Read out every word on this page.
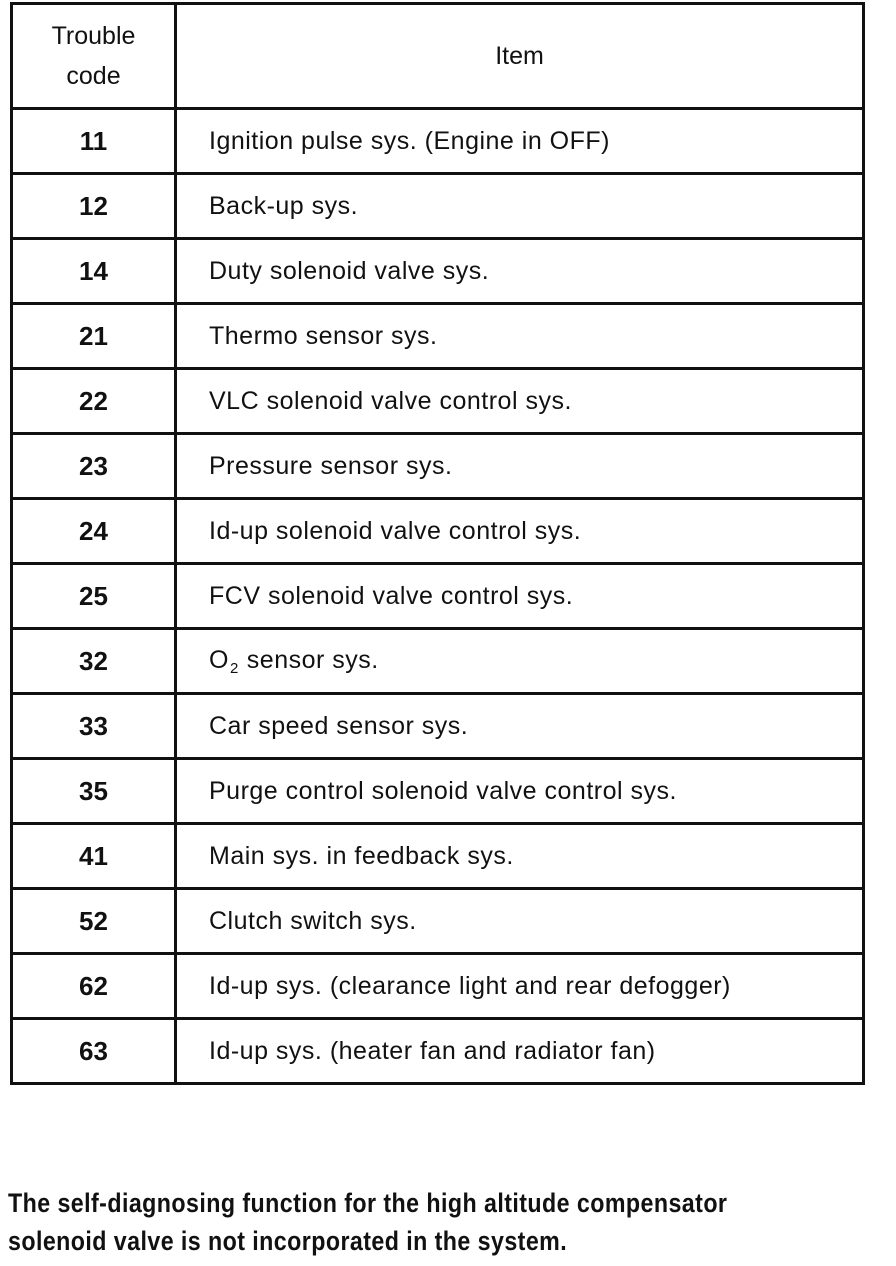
Trouble
code	Item
11	Ignition pulse sys. (Engine in OFF)
12	Back-up sys.
14	Duty solenoid valve sys.
21	Thermo sensor sys.
22	VLC solenoid valve control sys.
23	Pressure sensor sys.
24	Id-up solenoid valve control sys.
25	FCV solenoid valve control sys.
32	$O_2$ sensor sys.
33	Car speed sensor sys.
35	Purge control solenoid valve control sys.
41	Main sys. in feedback sys.
52	Clutch switch sys.
62	Id-up sys. (clearance light and rear defogger)
63	Id-up sys. (heater fan and radiator fan)
The self-diagnosing function for the high altitude compensator
solenoid valve is not incorporated in the system.
